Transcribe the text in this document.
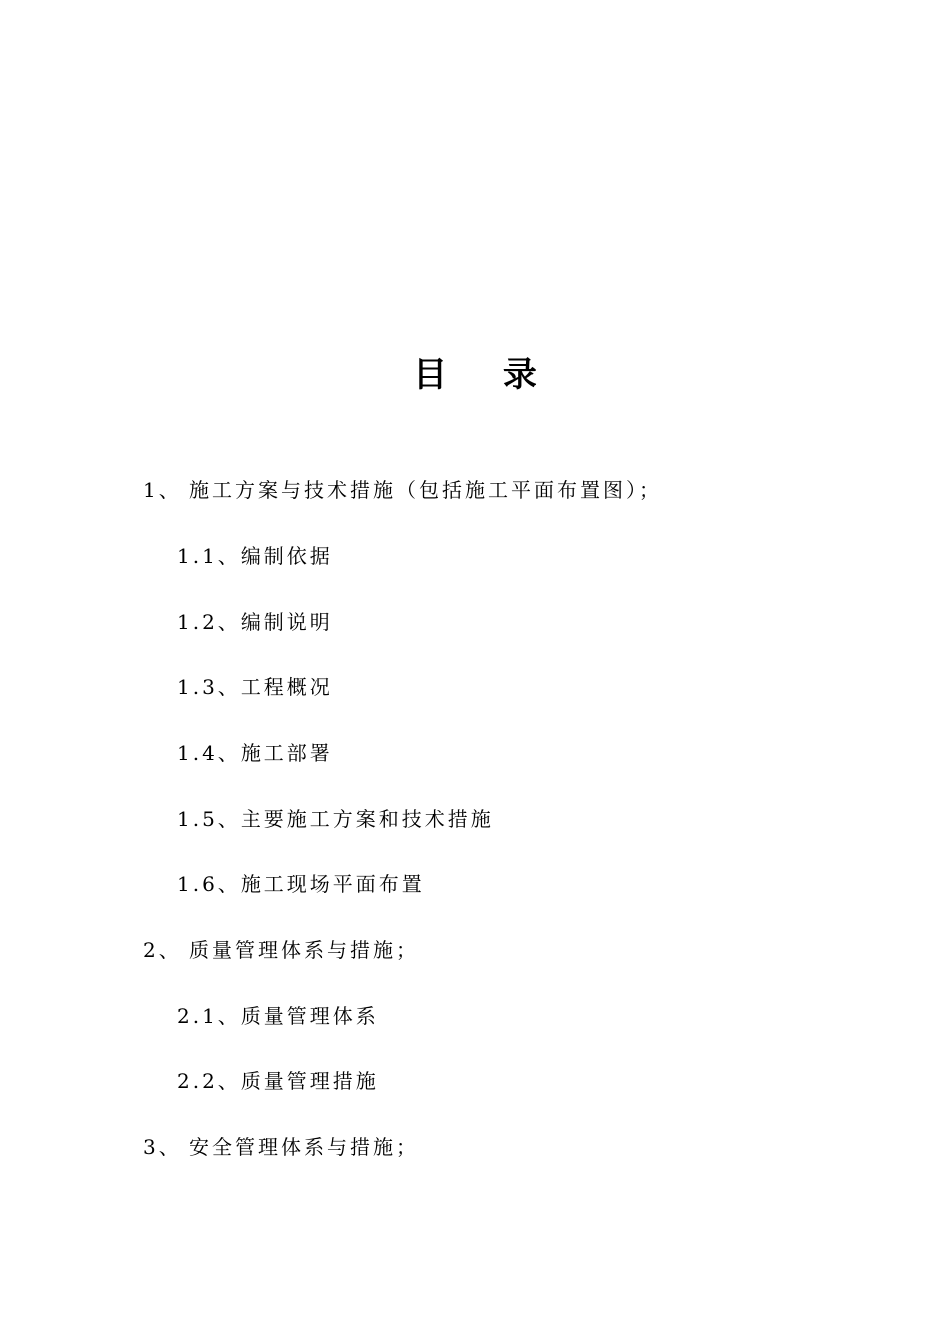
目 录
1、 施工方案与技术措施（包括施工平面布置图）；
1.1、编制依据
1.2、编制说明
1.3、工程概况
1.4、施工部署
1.5、主要施工方案和技术措施
1.6、施工现场平面布置
2、 质量管理体系与措施；
2.1、质量管理体系
2.2、质量管理措施
3、 安全管理体系与措施；
